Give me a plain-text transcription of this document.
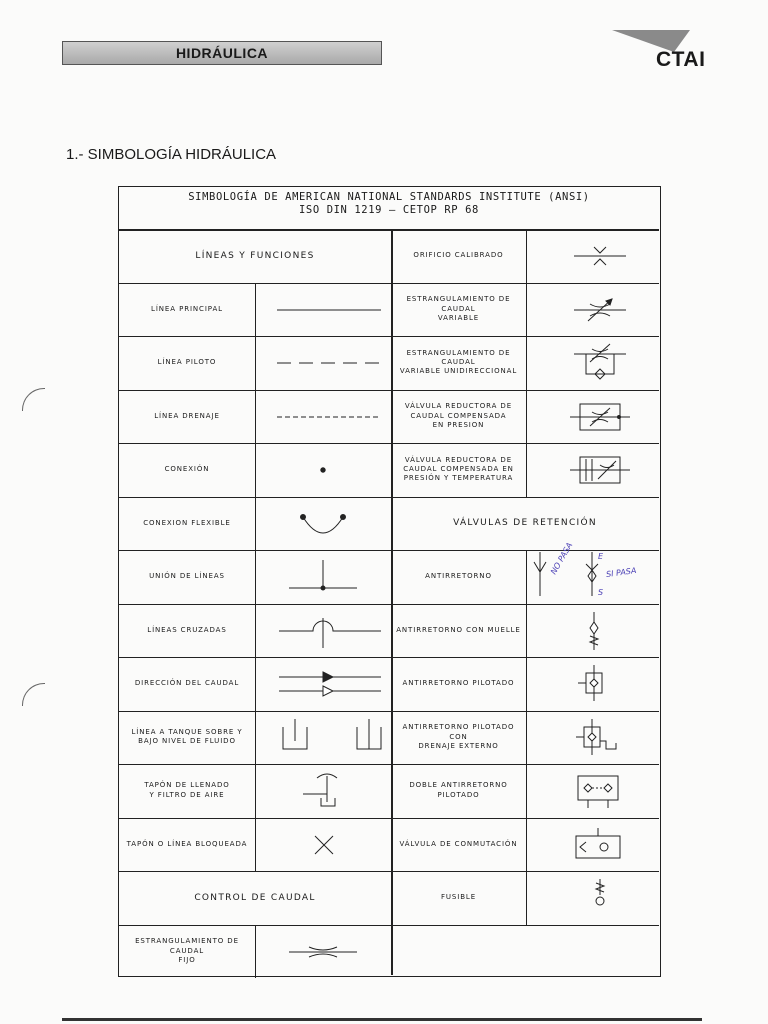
HIDRÁULICA	CTAI
1.- SIMBOLOGÍA HIDRÁULICA
SIMBOLOGÍA DE AMERICAN NATIONAL STANDARDS INSTITUTE (ANSI)
ISO DIN 1219 — CETOP RP 68
LÍNEAS Y FUNCIONES
LÍNEA PRINCIPAL
LÍNEA PILOTO
LÍNEA DRENAJE
CONEXIÓN
CONEXION FLEXIBLE
UNIÓN DE LÍNEAS
LÍNEAS CRUZADAS
DIRECCIÓN DEL CAUDAL
LÍNEA A TANQUE SOBRE Y
BAJO NIVEL DE FLUIDO
TAPÓN DE LLENADO
Y FILTRO DE AIRE
TAPÓN O LÍNEA BLOQUEADA
CONTROL DE CAUDAL
ESTRANGULAMIENTO DE CAUDAL
FIJO
ORIFICIO CALIBRADO
ESTRANGULAMIENTO DE CAUDAL
VARIABLE
ESTRANGULAMIENTO DE CAUDAL
VARIABLE UNIDIRECCIONAL
VÁLVULA REDUCTORA DE
CAUDAL COMPENSADA
EN PRESION
VÁLVULA REDUCTORA DE
CAUDAL COMPENSADA EN
PRESIÓN Y TEMPERATURA
VÁLVULAS DE RETENCIÓN
ANTIRRETORNO
NO PASA	E
SI PASA
S
ANTIRRETORNO CON MUELLE
ANTIRRETORNO PILOTADO
ANTIRRETORNO PILOTADO CON
DRENAJE EXTERNO
DOBLE ANTIRRETORNO
PILOTADO
VÁLVULA DE CONMUTACIÓN
FUSIBLE
